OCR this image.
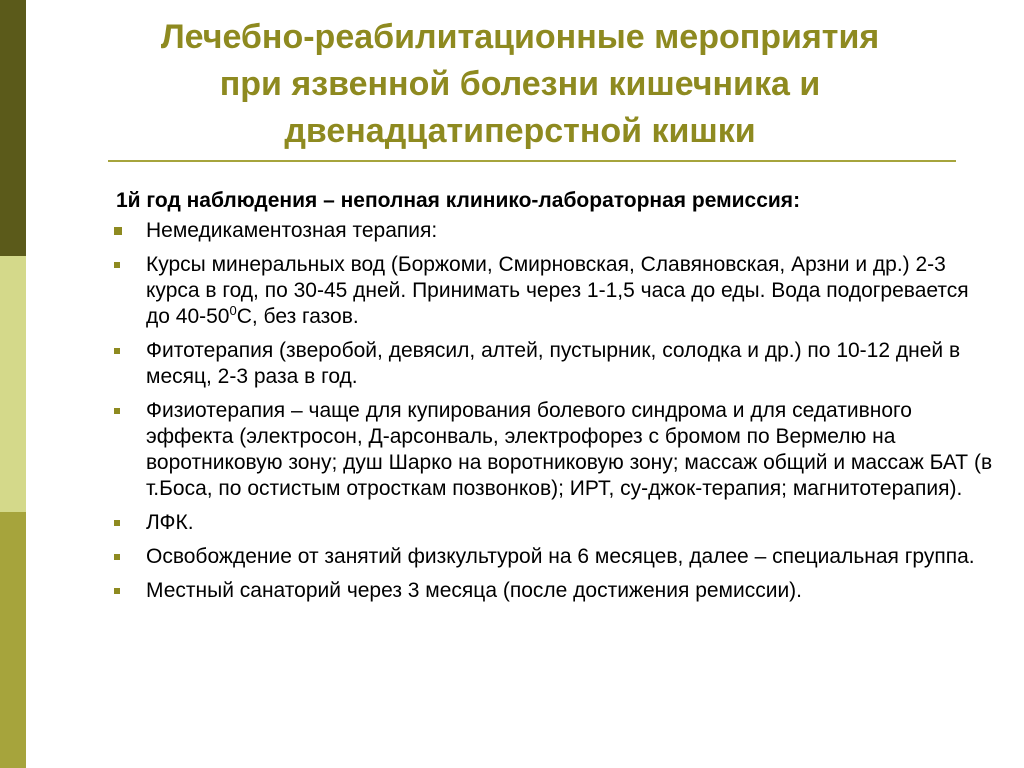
Лечебно-реабилитационные мероприятия
при язвенной болезни кишечника и
двенадцатиперстной кишки
1й год наблюдения – неполная клинико-лабораторная ремиссия:
Немедикаментозная терапия:
Курсы минеральных вод (Боржоми, Смирновская, Славяновская, Арзни и др.) 2-3 курса в год, по 30-45 дней. Принимать через 1-1,5 часа до еды. Вода подогревается до $40-50^0С$, без газов.
Фитотерапия (зверобой, девясил, алтей, пустырник, солодка и др.) по 10-12 дней в месяц, 2-3 раза в год.
Физиотерапия – чаще для купирования болевого синдрома и для седативного эффекта (электросон, Д-арсонваль, электрофорез с бромом по Вермелю на воротниковую зону; душ Шарко на воротниковую зону; массаж общий и массаж БАТ (в т.Боса, по остистым отросткам позвонков); ИРТ, су-джок-терапия; магнитотерапия).
ЛФК.
Освобождение от занятий физкультурой на 6 месяцев, далее – специальная группа.
Местный санаторий через 3 месяца (после достижения ремиссии).
